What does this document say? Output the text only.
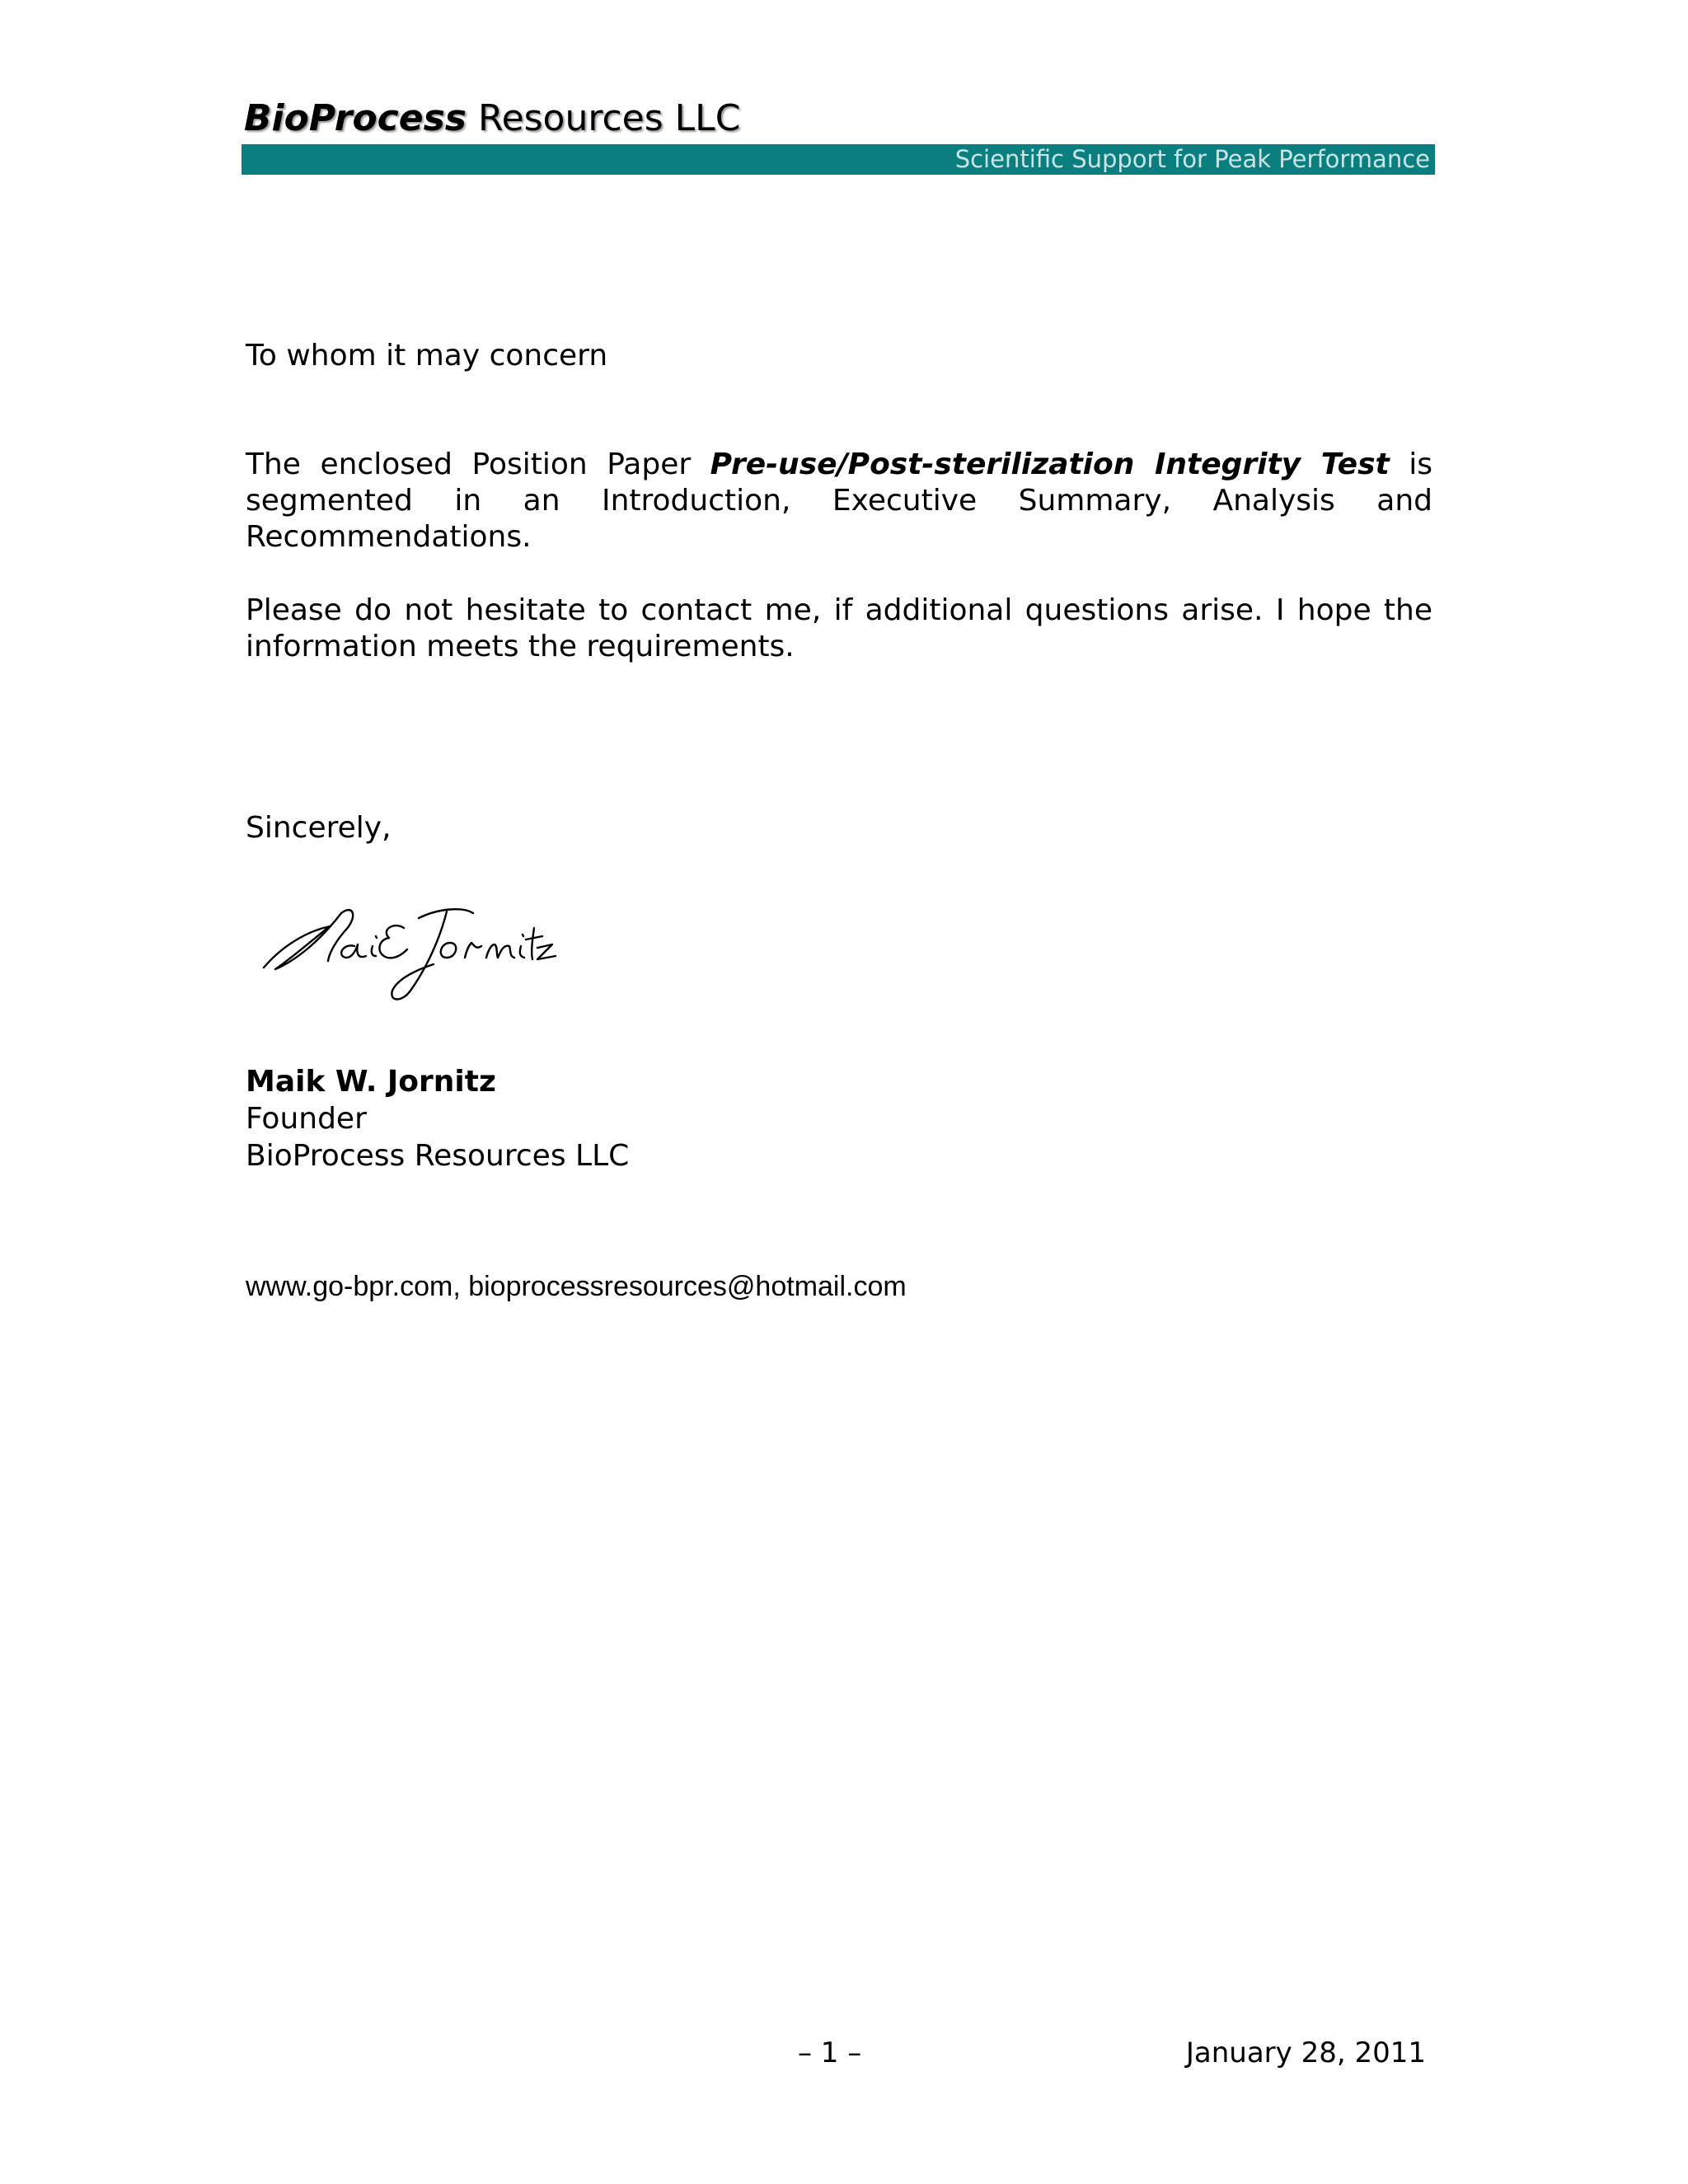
BioProcess Resources LLC
Scientific Support for Peak Performance
To whom it may concern
The enclosed Position Paper Pre-use/Post-sterilization Integrity Test is segmented in an Introduction, Executive Summary, Analysis and Recommendations.
Please do not hesitate to contact me, if additional questions arise. I hope the information meets the requirements.
Sincerely,
Maik W. Jornitz
Founder
BioProcess Resources LLC
www.go-bpr.com, bioprocessresources@hotmail.com
– 1 –	January 28, 2011
